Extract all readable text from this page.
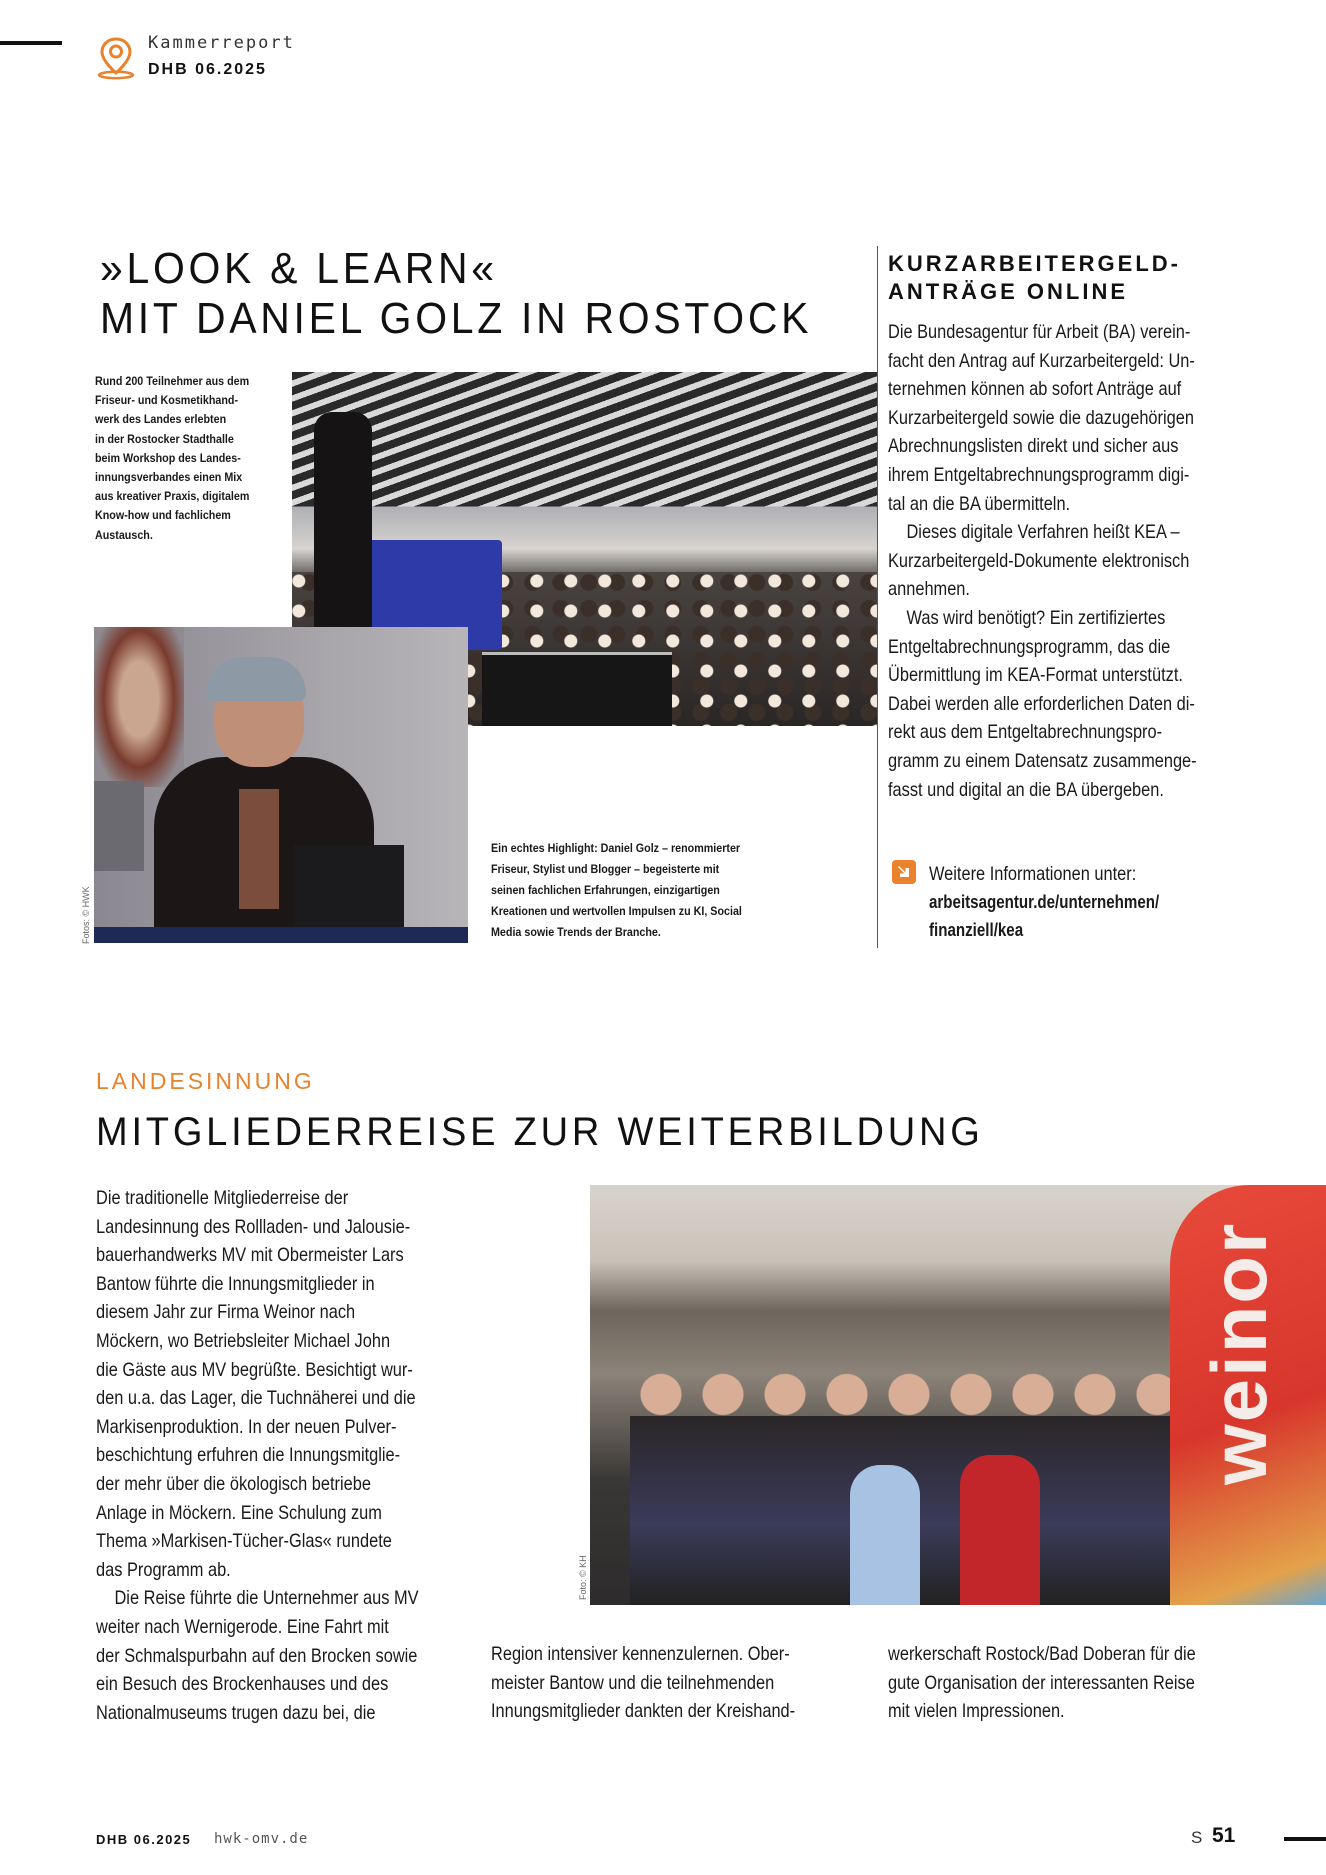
Kammerreport
DHB 06.2025
»LOOK & LEARN«
MIT DANIEL GOLZ IN ROSTOCK
Rund 200 Teilnehmer aus dem
Friseur- und Kosmetikhand-
werk des Landes erlebten
in der Rostocker Stadthalle
beim Workshop des Landes-
innungsverbandes einen Mix
aus kreativer Praxis, digitalem
Know-how und fachlichem
Austausch.
Fotos: © HWK
Ein echtes Highlight: Daniel Golz – renommierter
Friseur, Stylist und Blogger – begeisterte mit
seinen fachlichen Erfahrungen, einzigartigen
Kreationen und wertvollen Impulsen zu KI, Social
Media sowie Trends der Branche.
KURZARBEITERGELD-
ANTRÄGE ONLINE

Die Bundesagentur für Arbeit (BA) verein-
facht den Antrag auf Kurzarbeitergeld: Un-
ternehmen können ab sofort Anträge auf
Kurzarbeitergeld sowie die dazugehörigen
Abrechnungslisten direkt und sicher aus
ihrem Entgeltabrechnungsprogramm digi-
tal an die BA übermitteln.

Dieses digitale Verfahren heißt KEA –
Kurzarbeitergeld-Dokumente elektronisch
annehmen.

Was wird benötigt? Ein zertifiziertes
Entgeltabrechnungsprogramm, das die
Übermittlung im KEA-Format unterstützt.
Dabei werden alle erforderlichen Daten di-
rekt aus dem Entgeltabrechnungspro-
gramm zu einem Datensatz zusammenge-
fasst und digital an die BA übergeben.

Weitere Informationen unter:
arbeitsagentur.de/unternehmen/
finanziell/kea
LANDESINNUNG
MITGLIEDERREISE ZUR WEITERBILDUNG

Die traditionelle Mitgliederreise der
Landesinnung des Rollladen- und Jalousie-
bauerhandwerks MV mit Obermeister Lars
Bantow führte die Innungsmitglieder in
diesem Jahr zur Firma Weinor nach
Möckern, wo Betriebsleiter Michael John
die Gäste aus MV begrüßte. Besichtigt wur-
den u.a. das Lager, die Tuchnäherei und die
Markisenproduktion. In der neuen Pulver-
beschichtung erfuhren die Innungsmitglie-
der mehr über die ökologisch betriebe
Anlage in Möckern. Eine Schulung zum
Thema »Markisen-Tücher-Glas« rundete
das Programm ab.

Die Reise führte die Unternehmer aus MV
weiter nach Wernigerode. Eine Fahrt mit
der Schmalspurbahn auf den Brocken sowie
ein Besuch des Brockenhauses und des
Nationalmuseums trugen dazu bei, die

weinor
Foto: © KH
Region intensiver kennenzulernen. Ober-
meister Bantow und die teilnehmenden
Innungsmitglieder dankten der Kreishand-
werkerschaft Rostock/Bad Doberan für die
gute Organisation der interessanten Reise
mit vielen Impressionen.
DHB 06.2025 hwk-omv.de	S 51
